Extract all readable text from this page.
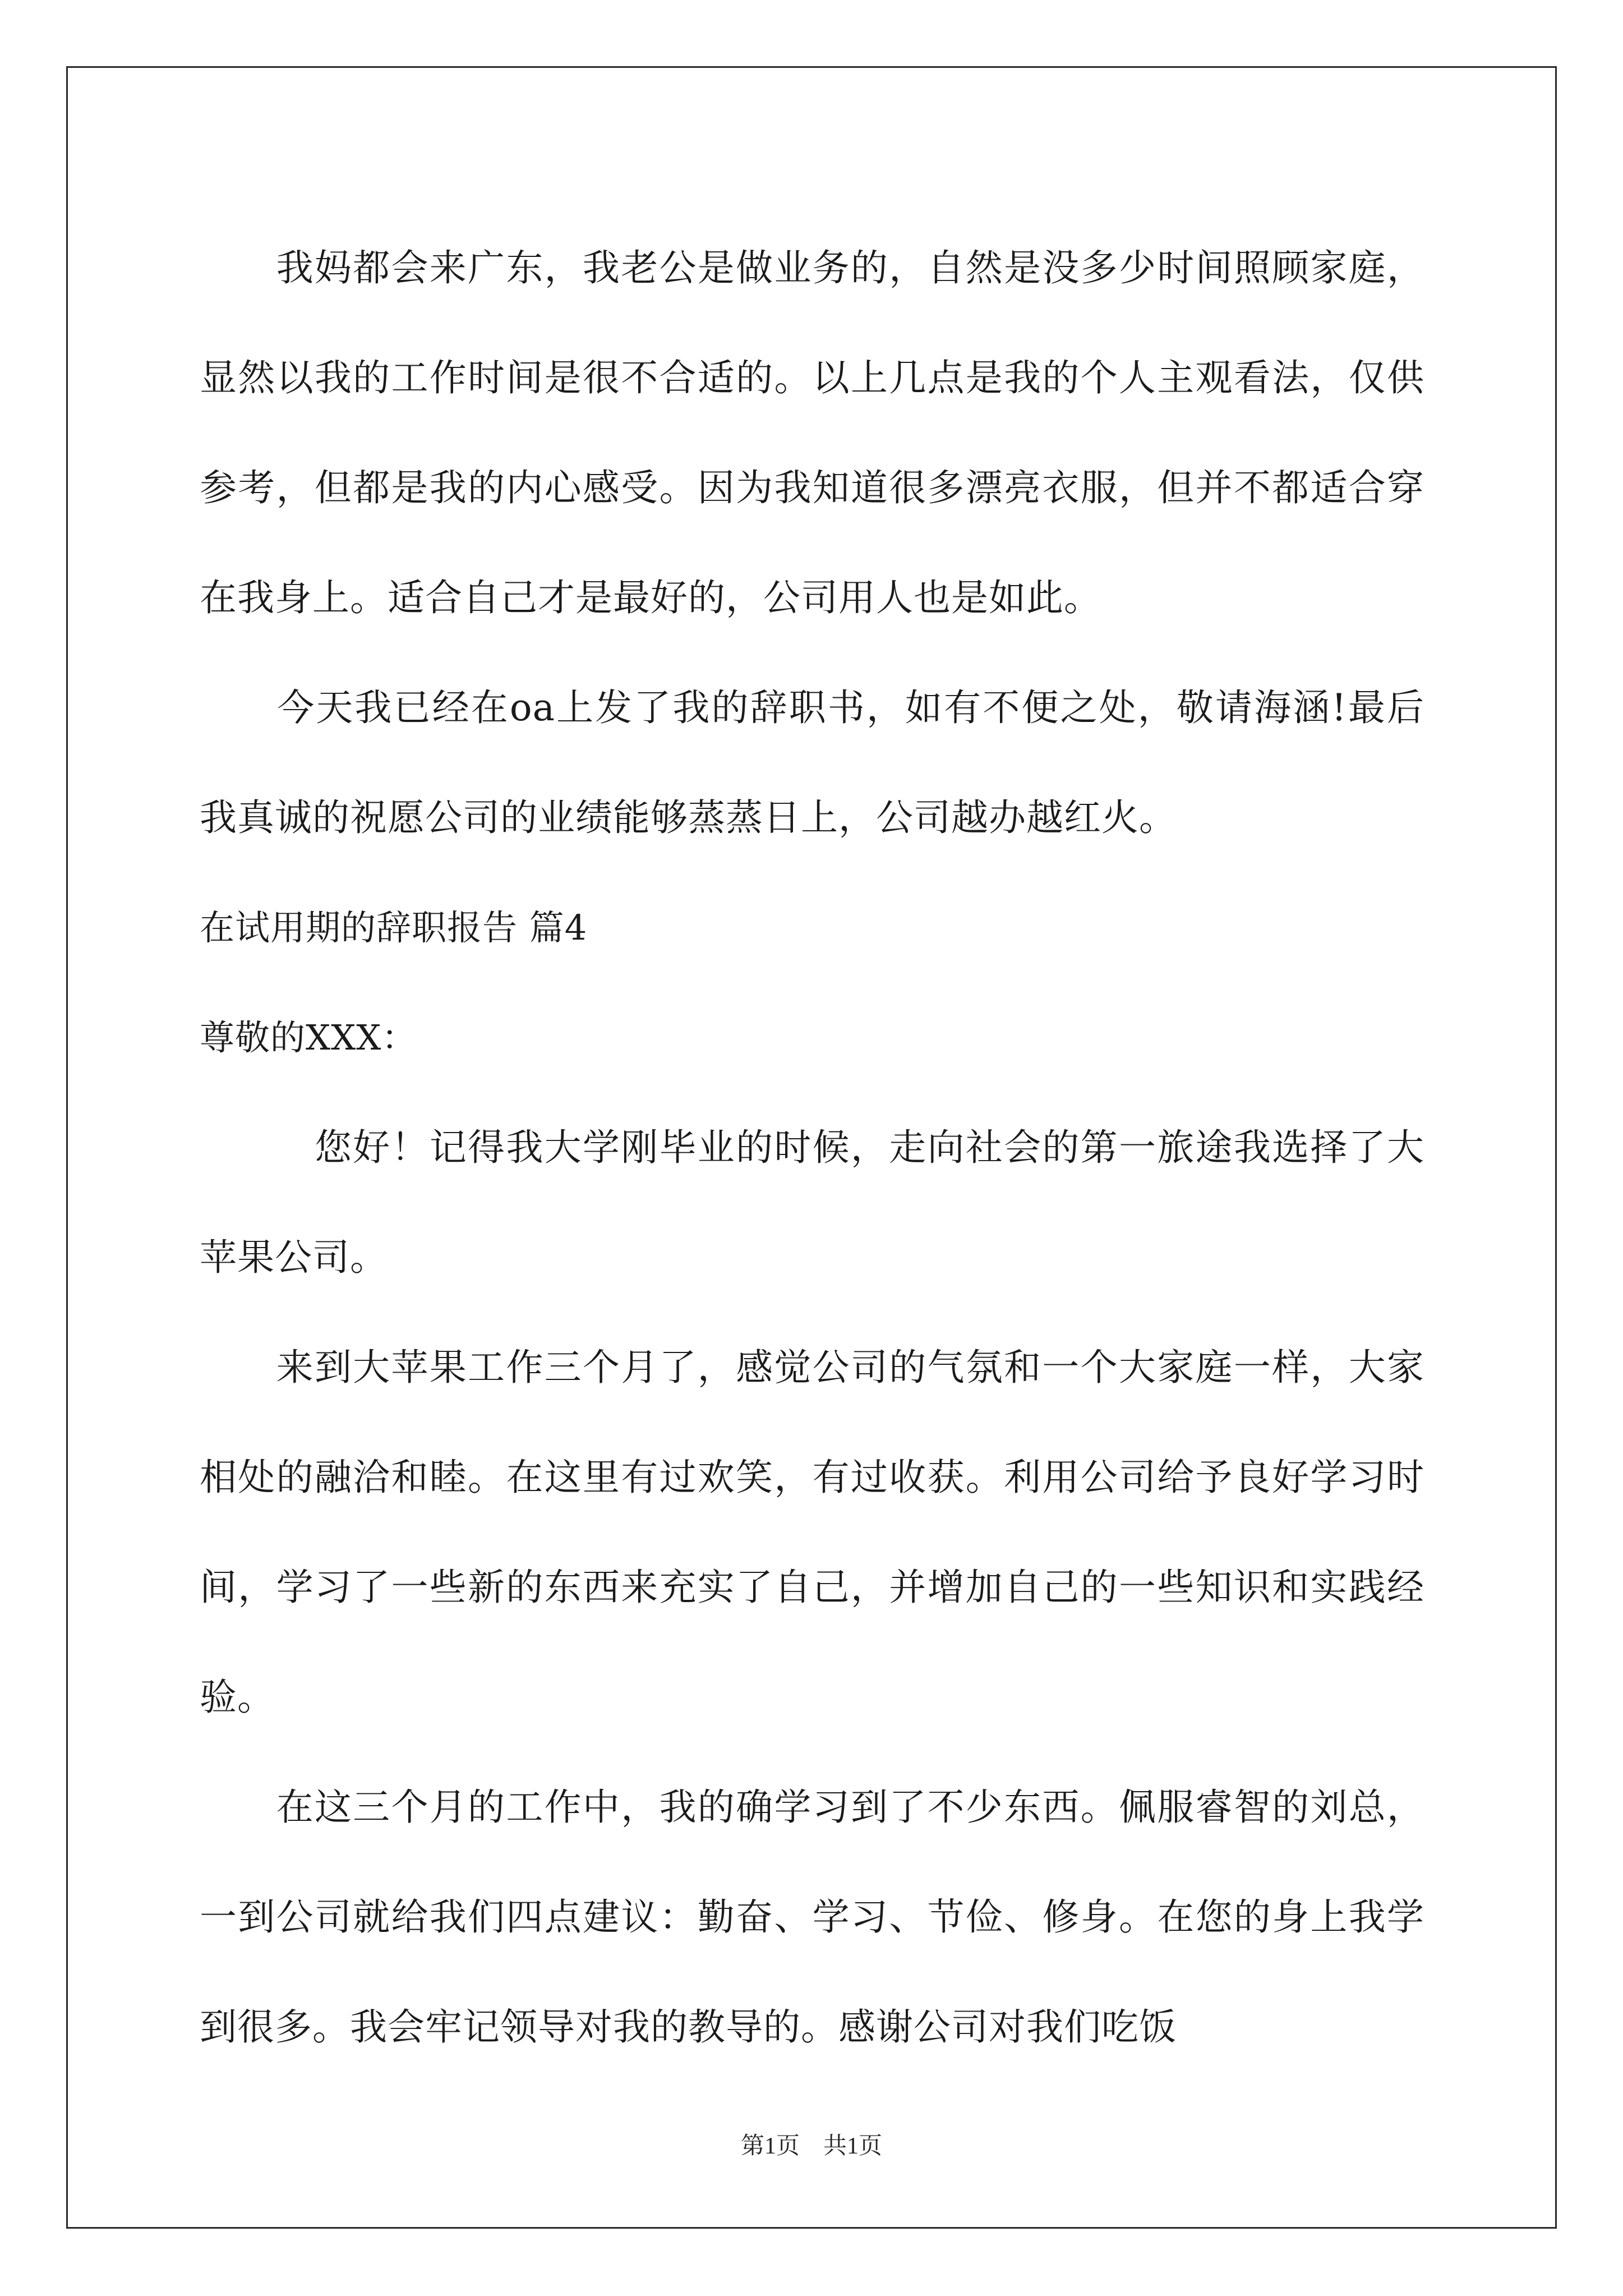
　　我妈都会来广东，我老公是做业务的，自然是没多少时间照顾家庭，显然以我的工作时间是很不合适的。以上几点是我的个人主观看法，仅供参考，但都是我的内心感受。因为我知道很多漂亮衣服，但并不都适合穿在我身上。适合自己才是最好的，公司用人也是如此。

　　今天我已经在oa上发了我的辞职书，如有不便之处，敬请海涵!最后我真诚的祝愿公司的业绩能够蒸蒸日上，公司越办越红火。

在试用期的辞职报告 篇4

尊敬的XXX：

　　　您好！记得我大学刚毕业的时候，走向社会的第一旅途我选择了大苹果公司。

　　来到大苹果工作三个月了，感觉公司的气氛和一个大家庭一样，大家相处的融洽和睦。在这里有过欢笑，有过收获。利用公司给予良好学习时间，学习了一些新的东西来充实了自己，并增加自己的一些知识和实践经验。

　　在这三个月的工作中，我的确学习到了不少东西。佩服睿智的刘总，一到公司就给我们四点建议：勤奋、学习、节俭、修身。在您的身上我学到很多。我会牢记领导对我的教导的。感谢公司对我们吃饭

第1页　共1页
